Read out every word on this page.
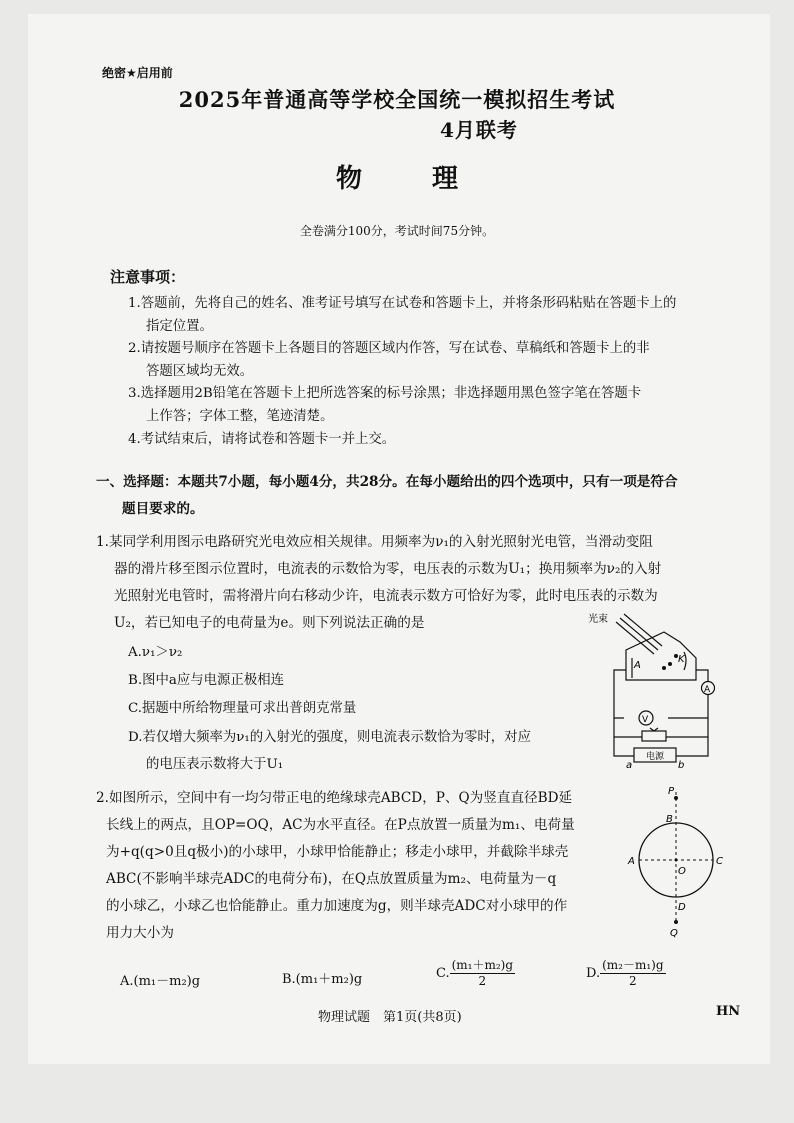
绝密★启用前
2025年普通高等学校全国统一模拟招生考试
4月联考
物	理
全卷满分100分，考试时间75分钟。
注意事项：
1.答题前，先将自己的姓名、准考证号填写在试卷和答题卡上，并将条形码粘贴在答题卡上的
指定位置。
2.请按题号顺序在答题卡上各题目的答题区域内作答，写在试卷、草稿纸和答题卡上的非
答题区域均无效。
3.选择题用2B铅笔在答题卡上把所选答案的标号涂黑；非选择题用黑色签字笔在答题卡
上作答；字体工整，笔迹清楚。
4.考试结束后，请将试卷和答题卡一并上交。
一、选择题：本题共7小题，每小题4分，共28分。在每小题给出的四个选项中，只有一项是符合
题目要求的。
1.某同学利用图示电路研究光电效应相关规律。用频率为ν₁的入射光照射光电管，当滑动变阻
器的滑片移至图示位置时，电流表的示数恰为零，电压表的示数为U₁；换用频率为ν₂的入射
光照射光电管时，需将滑片向右移动少许，电流表示数方可恰好为零，此时电压表的示数为
U₂，若已知电子的电荷量为e。则下列说法正确的是
A.ν₁＞ν₂
B.图中a应与电源正极相连
C.据题中所给物理量可求出普朗克常量
D.若仅增大频率为ν₁的入射光的强度，则电流表示数恰为零时，对应
的电压表示数将大于U₁
光束
A
K
V
A
电源
a	b
2.如图所示，空间中有一均匀带正电的绝缘球壳ABCD，P、Q为竖直直径BD延
长线上的两点，且OP=OQ，AC为水平直径。在P点放置一质量为m₁、电荷量
为+q(q>0且q极小)的小球甲，小球甲恰能静止；移走小球甲，并截除半球壳
ABC(不影响半球壳ADC的电荷分布)，在Q点放置质量为m₂、电荷量为－q
的小球乙，小球乙也恰能静止。重力加速度为g，则半球壳ADC对小球甲的作
用力大小为
A.(m₁－m₂)g	B.(m₁＋m₂)g	C. $\frac{\text{(m₁＋m₂)g}}{2}$	D. $\frac{\text{(m₂－m₁)g}}{2}$
P
B
A	C
O
D
Q
物理试题　第1页(共8页)	HN
